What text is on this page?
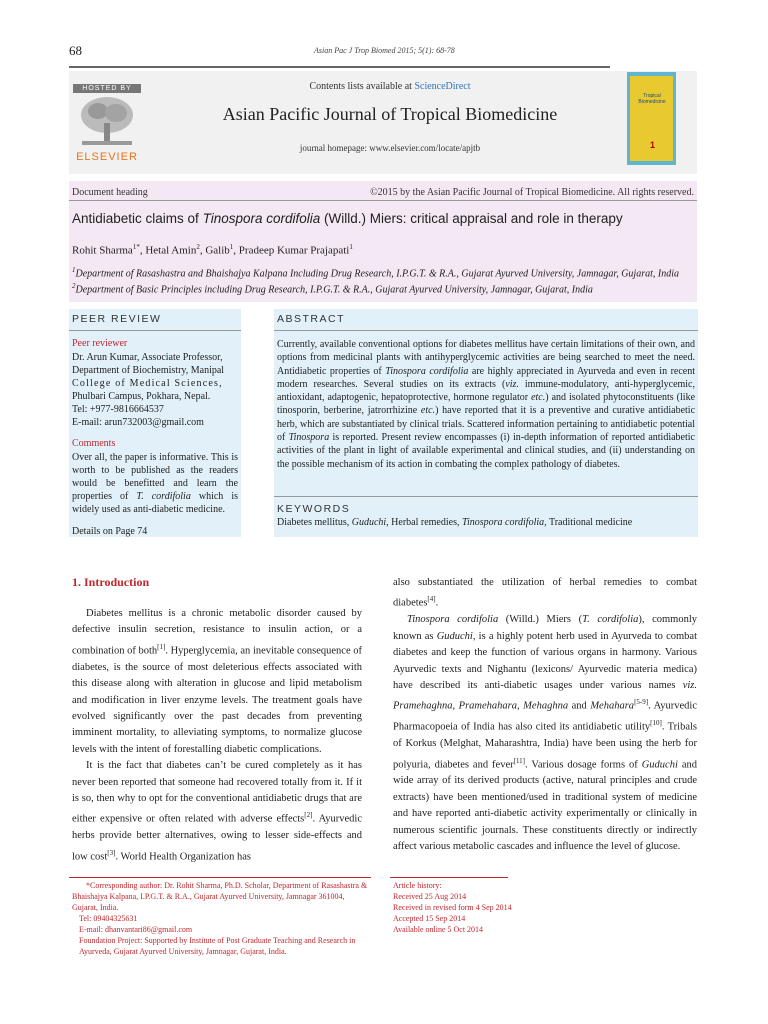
68	Asian Pac J Trop Biomed 2015; 5(1): 68-78
HOSTED BY
ELSEVIER
Contents lists available at ScienceDirect
Asian Pacific Journal of Tropical Biomedicine
journal homepage: www.elsevier.com/locate/apjtb
Tropical Biomedicine
1
Document heading	©2015 by the Asian Pacific Journal of Tropical Biomedicine. All rights reserved.
Antidiabetic claims of Tinospora cordifolia (Willd.) Miers: critical appraisal and role in therapy
Rohit Sharma$^{1*}$, Hetal Amin$^2$, Galib$^1$, Pradeep Kumar Prajapati$^1$
$^1$Department of Rasashastra and Bhaishajya Kalpana Including Drug Research, I.P.G.T. & R.A., Gujarat Ayurved University, Jamnagar, Gujarat, India
$^2$Department of Basic Principles including Drug Research, I.P.G.T. & R.A., Gujarat Ayurved University, Jamnagar, Gujarat, India
PEER REVIEW
Peer reviewer
Dr. Arun Kumar, Associate Professor,
Department of Biochemistry, Manipal
College of Medical Sciences,
Phulbari Campus, Pokhara, Nepal.
Tel: +977-9816664537
E-mail: arun732003@gmail.com
Comments
Over all, the paper is informative. This is worth to be published as the readers would be benefitted and learn the properties of T. cordifolia which is widely used as anti-diabetic medicine.
Details on Page 74
ABSTRACT
Currently, available conventional options for diabetes mellitus have certain limitations of their own, and options from medicinal plants with antihyperglycemic activities are being searched to meet the need. Antidiabetic properties of Tinospora cordifolia are highly appreciated in Ayurveda and even in recent modern researches. Several studies on its extracts (viz. immune-modulatory, anti-hyperglycemic, antioxidant, adaptogenic, hepatoprotective, hormone regulator etc.) and isolated phytoconstituents (like tinosporin, berberine, jatrorrhizine etc.) have reported that it is a preventive and curative antidiabetic herb, which are substantiated by clinical trials. Scattered information pertaining to antidiabetic potential of Tinospora is reported. Present review encompasses (i) in-depth information of reported antidiabetic activities of the plant in light of available experimental and clinical studies, and (ii) understanding on the possible mechanism of its action in combating the complex pathology of diabetes.
KEYWORDS
Diabetes mellitus, Guduchi, Herbal remedies, Tinospora cordifolia, Traditional medicine
1. Introduction

Diabetes mellitus is a chronic metabolic disorder caused by defective insulin secretion, resistance to insulin action, or a combination of both[1]. Hyperglycemia, an inevitable consequence of diabetes, is the source of most deleterious effects associated with this disease along with alteration in glucose and lipid metabolism and modification in liver enzyme levels. The treatment goals have evolved significantly over the past decades from preventing imminent mortality, to alleviating symptoms, to normalize glucose levels with the intent of forestalling diabetic complications.

It is the fact that diabetes can’t be cured completely as it has never been reported that someone had recovered totally from it. If it is so, then why to opt for the conventional antidiabetic drugs that are either expensive or often related with adverse effects[2]. Ayurvedic herbs provide better alternatives, owing to lesser side-effects and low cost[3]. World Health Organization has

also substantiated the utilization of herbal remedies to combat diabetes[4].

Tinospora cordifolia (Willd.) Miers (T. cordifolia), commonly known as Guduchi, is a highly potent herb used in Ayurveda to combat diabetes and keep the function of various organs in harmony. Various Ayurvedic texts and Nighantu (lexicons/ Ayurvedic materia medica) have described its anti-diabetic usages under various names viz. Pramehaghna, Pramehahara, Mehaghna and Mehahara[5-9]. Ayurvedic Pharmacopoeia of India has also cited its antidiabetic utility[10]. Tribals of Korkus (Melghat, Maharashtra, India) have been using the herb for polyuria, diabetes and fever[11]. Various dosage forms of Guduchi and wide array of its derived products (active, natural principles and crude extracts) have been mentioned/used in traditional system of medicine and have reported anti-diabetic activity experimentally or clinically in numerous scientific journals. These constituents directly or indirectly affect various metabolic cascades and influence the level of glucose.

*Corresponding author: Dr. Rohit Sharma, Ph.D. Scholar, Department of Rasashastra & Bhaishajya Kalpana, I.P.G.T. & R.A., Gujarat Ayurved University, Jamnagar 361004, Gujarat, India.

Tel: 09404325631

E-mail: dhanvantari86@gmail.com

Foundation Project: Supported by Institute of Post Graduate Teaching and Research in Ayurveda, Gujarat Ayurved University, Jamnagar, Gujarat, India.

Article history:

Received 25 Aug 2014

Received in revised form 4 Sep 2014

Accepted 15 Sep 2014

Available online 5 Oct 2014
